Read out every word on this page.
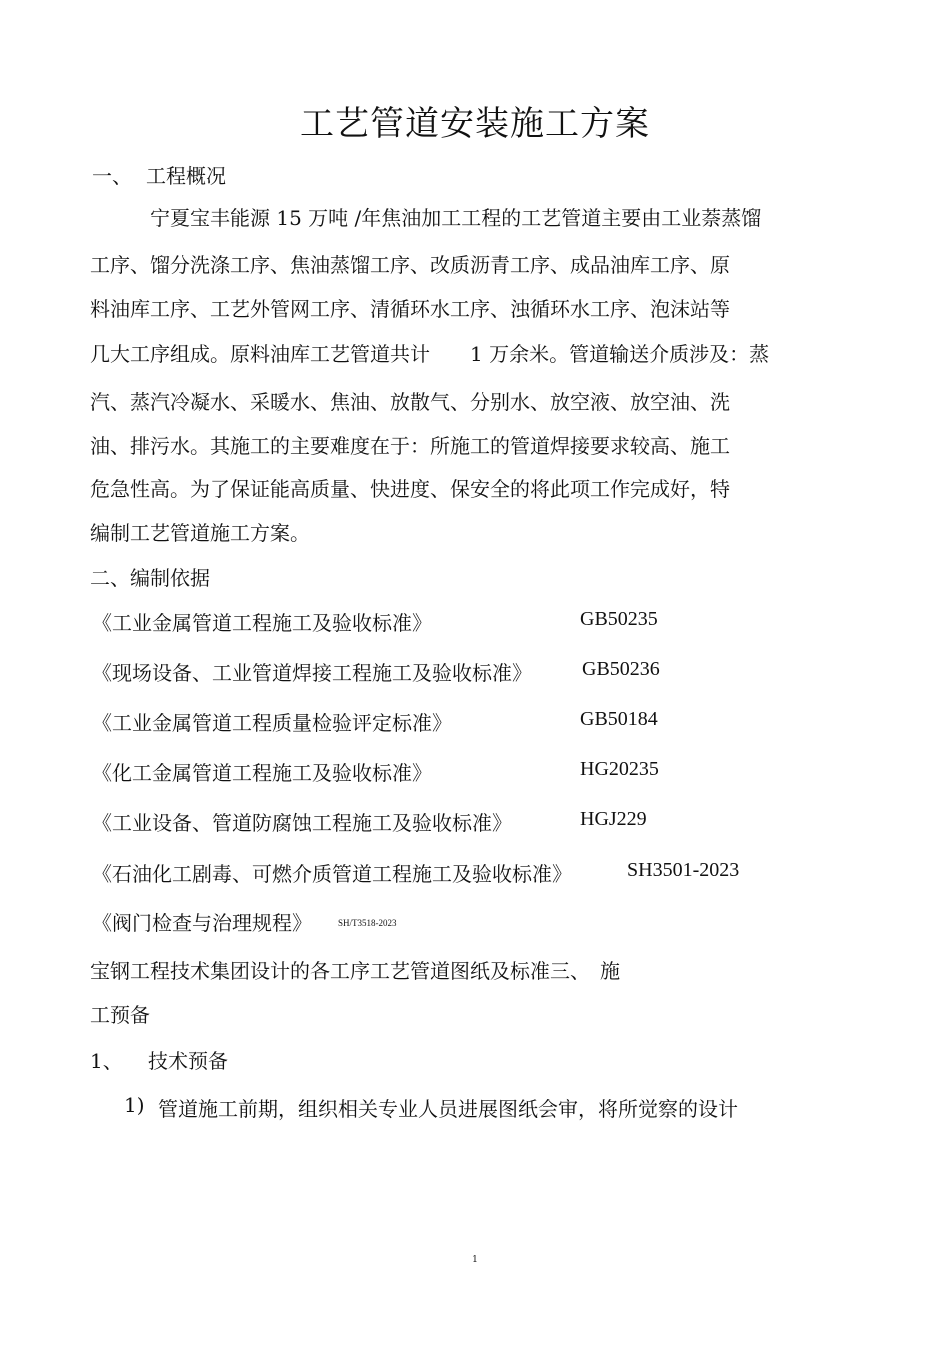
工艺管道安装施工方案
一、 工程概况
宁夏宝丰能源 15 万吨 /年焦油加工工程的工艺管道主要由工业萘蒸馏
工序、馏分洗涤工序、焦油蒸馏工序、改质沥青工序、成品油库工序、原
料油库工序、工艺外管网工序、清循环水工序、浊循环水工序、泡沫站等
几大工序组成。原料油库工艺管道共计　　1 万余米。管道输送介质涉及：蒸
汽、蒸汽冷凝水、采暖水、焦油、放散气、分别水、放空液、放空油、洗
油、排污水。其施工的主要难度在于：所施工的管道焊接要求较高、施工
危急性高。为了保证能高质量、快进度、保安全的将此项工作完成好，特
编制工艺管道施工方案。
二、编制依据
《工业金属管道工程施工及验收标准》	GB50235
《现场设备、工业管道焊接工程施工及验收标准》	GB50236
《工业金属管道工程质量检验评定标准》	GB50184
《化工金属管道工程施工及验收标准》	HG20235
《工业设备、管道防腐蚀工程施工及验收标准》	HGJ229
《石油化工剧毒、可燃介质管道工程施工及验收标准》	SH3501-2023
《阀门检查与治理规程》	SH/T3518-2023
宝钢工程技术集团设计的各工序工艺管道图纸及标准三、　施
工预备
1、 技术预备
1) 管道施工前期，组织相关专业人员进展图纸会审，将所觉察的设计
1
